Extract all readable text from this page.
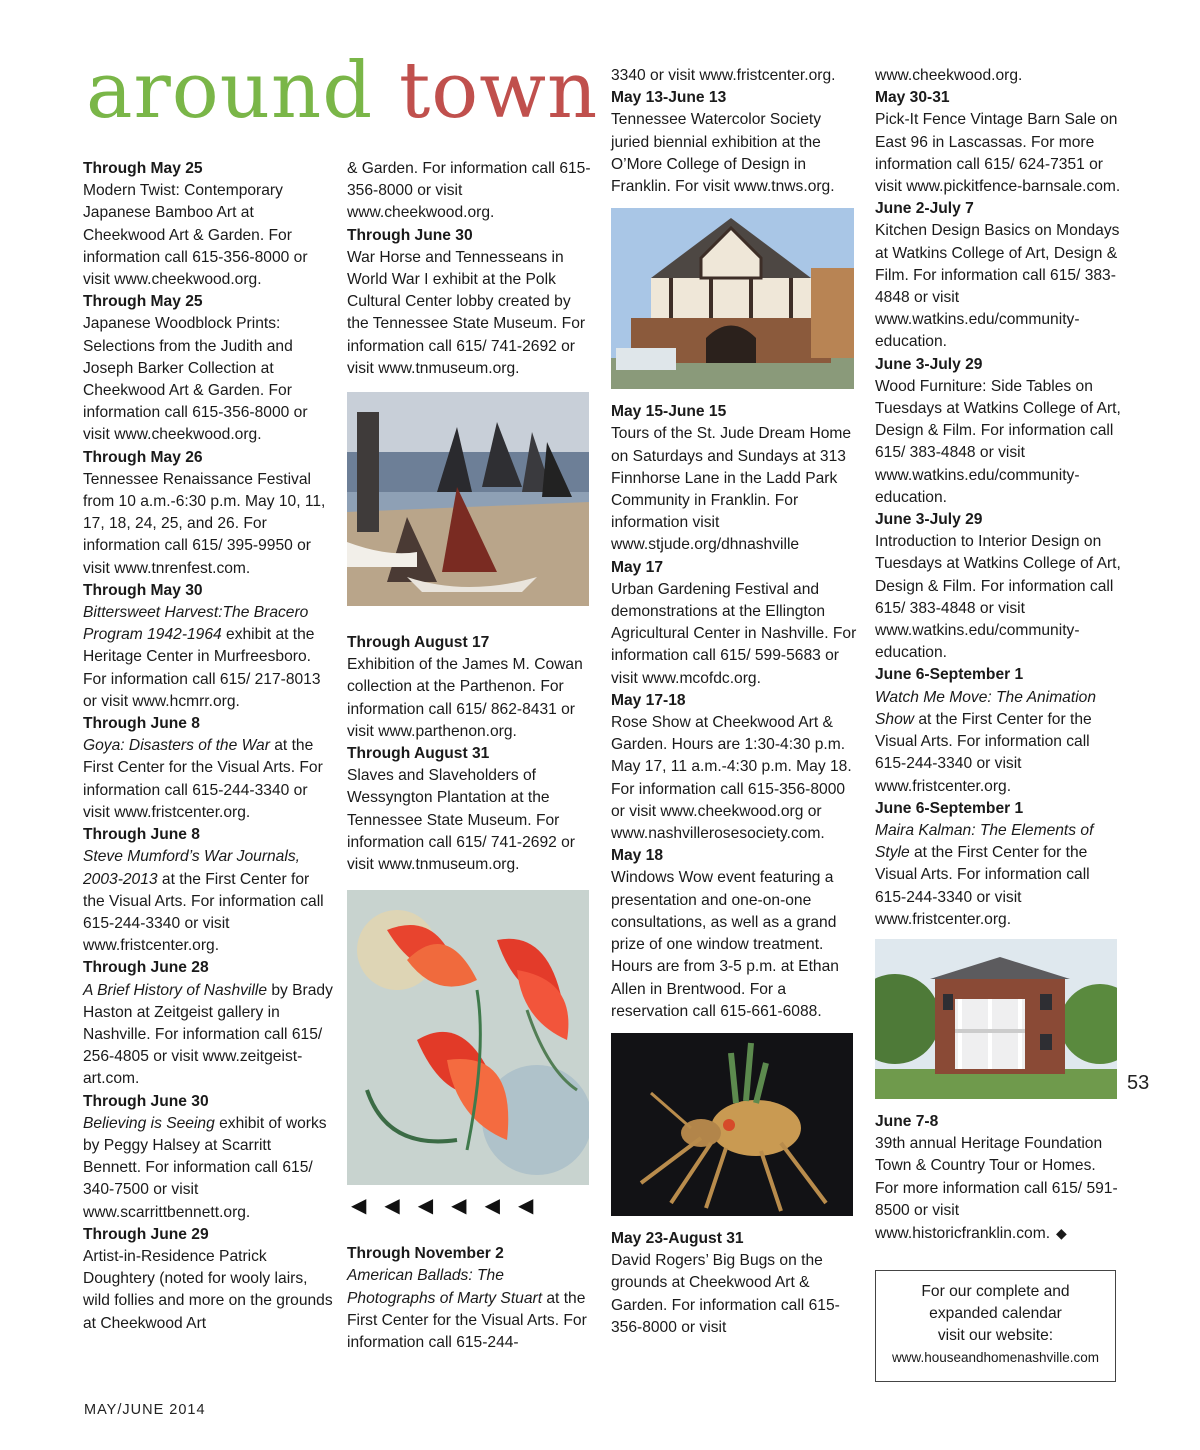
around town

Through May 25
Modern Twist: Contemporary Japanese Bamboo Art at Cheekwood Art & Garden. For information call 615-356-8000 or visit www.cheekwood.org.

Through May 25
Japanese Woodblock Prints: Selections from the Judith and Joseph Barker Collection at Cheekwood Art & Garden. For information call 615-356-8000 or visit www.cheekwood.org.

Through May 26
Tennessee Renaissance Festival from 10 a.m.-6:30 p.m. May 10, 11, 17, 18, 24, 25, and 26. For information call 615/ 395-9950 or visit www.tnrenfest.com.

Through May 30
Bittersweet Harvest:The Bracero Program 1942-1964 exhibit at the Heritage Center in Murfreesboro. For information call 615/ 217-8013 or visit www.hcmrr.org.

Through June 8
Goya: Disasters of the War at the First Center for the Visual Arts. For information call 615-244-3340 or visit www.fristcenter.org.

Through June 8
Steve Mumford’s War Journals, 2003-2013 at the First Center for the Visual Arts. For information call 615-244-3340 or visit www.fristcenter.org.

Through June 28
A Brief History of Nashville by Brady Haston at Zeitgeist gallery in Nashville. For information call 615/ 256-4805 or visit www.zeitgeist-art.com.

Through June 30
Believing is Seeing exhibit of works by Peggy Halsey at Scarritt Bennett. For information call 615/ 340-7500 or visit www.scarrittbennett.org.

Through June 29
Artist-in-Residence Patrick Doughtery (noted for wooly lairs, wild follies and more on the grounds at Cheekwood Art

& Garden. For information call 615-356-8000 or visit www.cheekwood.org.

Through June 30
War Horse and Tennesseans in World War I exhibit at the Polk Cultural Center lobby created by the Tennessee State Museum. For information call 615/ 741-2692 or visit www.tnmuseum.org.

Through August 17
Exhibition of the James M. Cowan collection at the Parthenon. For information call 615/ 862-8431 or visit www.parthenon.org.

Through August 31
Slaves and Slaveholders of Wessyngton Plantation at the Tennessee State Museum. For information call 615/ 741-2692 or visit www.tnmuseum.org.

◀ ◀ ◀ ◀ ◀ ◀

Through November 2
American Ballads: The Photographs of Marty Stuart at the First Center for the Visual Arts. For information call 615-244-

3340 or visit www.fristcenter.org.

May 13-June 13
Tennessee Watercolor Society juried biennial exhibition at the O’More College of Design in Franklin. For visit www.tnws.org.

May 15-June 15
Tours of the St. Jude Dream Home on Saturdays and Sundays at 313 Finnhorse Lane in the Ladd Park Community in Franklin. For information visit www.stjude.org/dhnashville

May 17
Urban Gardening Festival and demonstrations at the Ellington Agricultural Center in Nashville. For information call 615/ 599-5683 or visit www.mcofdc.org.

May 17-18
Rose Show at Cheekwood Art & Garden. Hours are 1:30-4:30 p.m. May 17, 11 a.m.-4:30 p.m. May 18. For information call 615-356-8000 or visit www.cheekwood.org or www.nashvillerosesociety.com.

May 18
Windows Wow event featuring a presentation and one-on-one consultations, as well as a grand prize of one window treatment. Hours are from 3-5 p.m. at Ethan Allen in Brentwood. For a reservation call 615-661-6088.

May 23-August 31
David Rogers’ Big Bugs on the grounds at Cheekwood Art & Garden. For information call 615-356-8000 or visit

www.cheekwood.org.

May 30-31
Pick-It Fence Vintage Barn Sale on East 96 in Lascassas. For more information call 615/ 624-7351 or visit www.pickitfence-barnsale.com.

June 2-July 7
Kitchen Design Basics on Mondays at Watkins College of Art, Design & Film. For information call 615/ 383-4848 or visit www.watkins.edu/community-education.

June 3-July 29
Wood Furniture: Side Tables on Tuesdays at Watkins College of Art, Design & Film. For information call 615/ 383-4848 or visit www.watkins.edu/community-education.

June 3-July 29
Introduction to Interior Design on Tuesdays at Watkins College of Art, Design & Film. For information call 615/ 383-4848 or visit www.watkins.edu/community-education.

June 6-September 1
Watch Me Move: The Animation Show at the First Center for the Visual Arts. For information call 615-244-3340 or visit www.fristcenter.org.

June 6-September 1
Maira Kalman: The Elements of Style at the First Center for the Visual Arts. For information call 615-244-3340 or visit www.fristcenter.org.

June 7-8
39th annual Heritage Foundation Town & Country Tour or Homes. For more information call 615/ 591-8500 or visit www.historicfranklin.com. ◆

For our complete and
expanded calendar
visit our website:
www.houseandhomenashville.com
53
MAY/JUNE 2014
